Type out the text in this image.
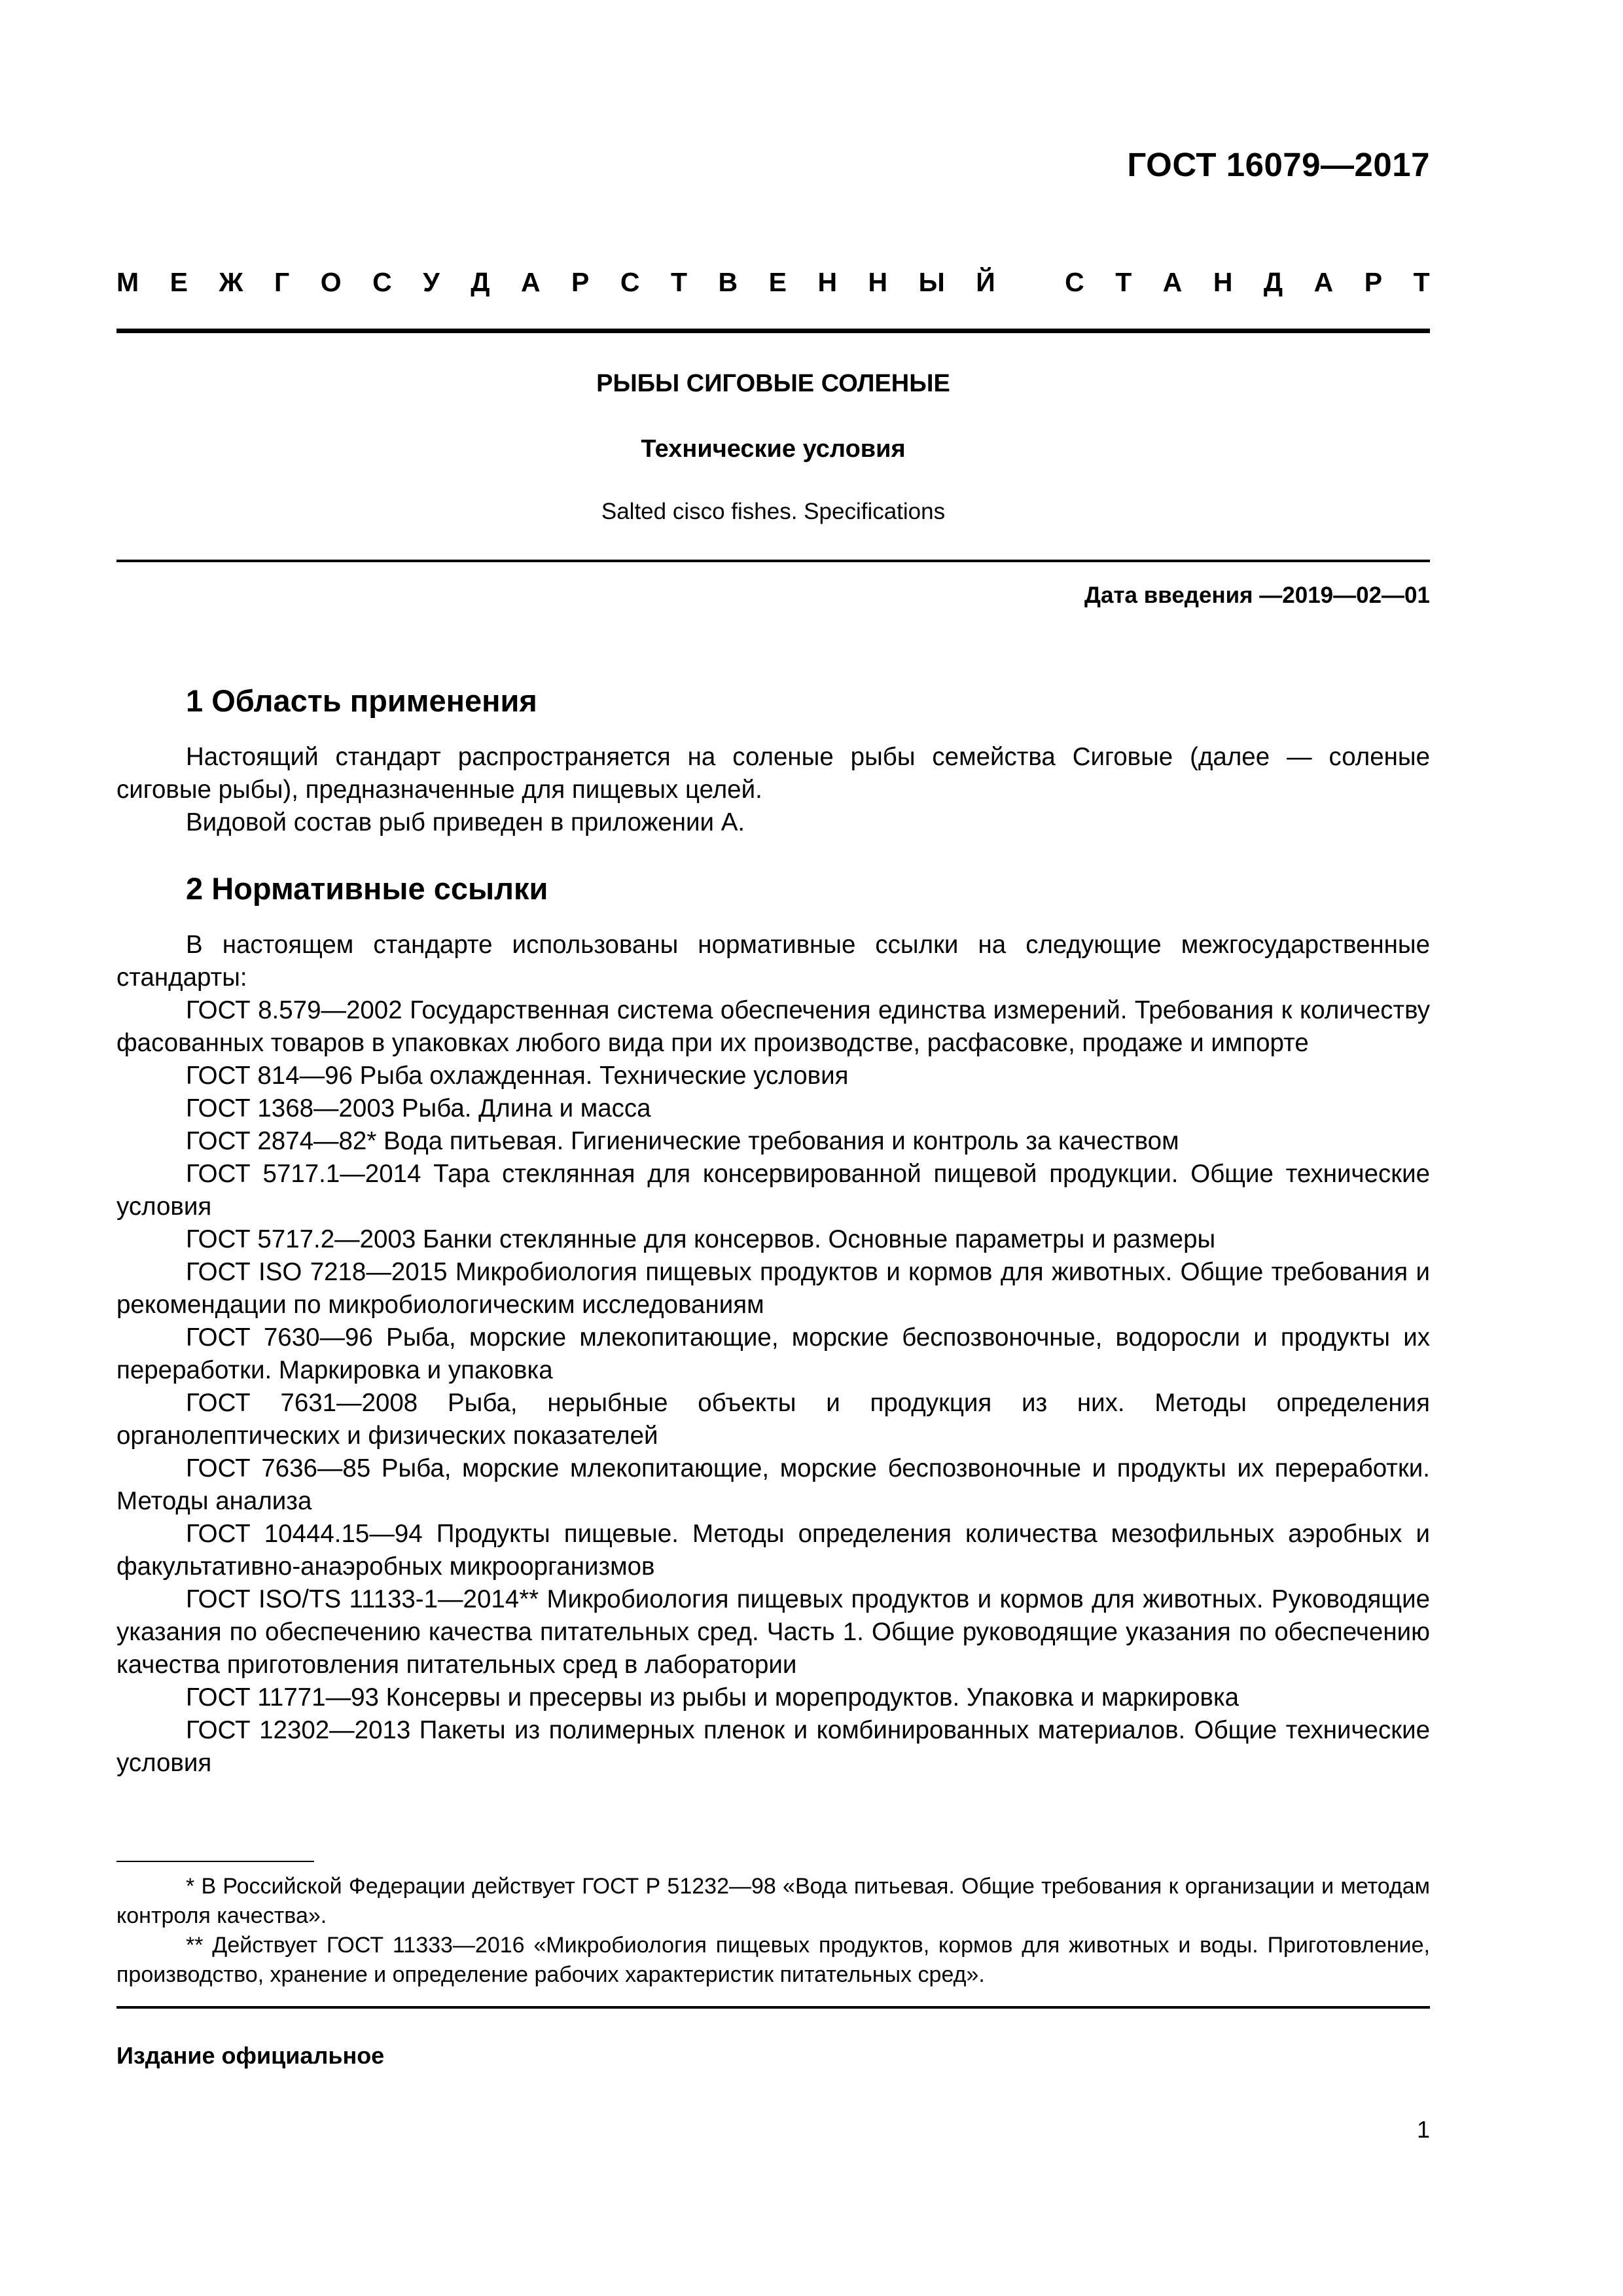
ГОСТ 16079—2017
М Е Ж Г О С У Д А Р С Т В Е Н Н Ы Й
	С Т А Н Д А Р Т
РЫБЫ СИГОВЫЕ СОЛЕНЫЕ
Технические условия
Salted cisco fishes. Specifications
Дата введения —2019—02—01
1 Область применения

Настоящий стандарт распространяется на соленые рыбы семейства Сиговые (далее — соленые сиговые рыбы), предназначенные для пищевых целей.

Видовой состав рыб приведен в приложении А.

2 Нормативные ссылки

В настоящем стандарте использованы нормативные ссылки на следующие межгосударственные стандарты:

ГОСТ 8.579—2002 Государственная система обеспечения единства измерений. Требования к количеству фасованных товаров в упаковках любого вида при их производстве, расфасовке, продаже и импорте

ГОСТ 814—96 Рыба охлажденная. Технические условия

ГОСТ 1368—2003 Рыба. Длина и масса

ГОСТ 2874—82* Вода питьевая. Гигиенические требования и контроль за качеством

ГОСТ 5717.1—2014 Тара стеклянная для консервированной пищевой продукции. Общие технические условия

ГОСТ 5717.2—2003 Банки стеклянные для консервов. Основные параметры и размеры

ГОСТ ISO 7218—2015 Микробиология пищевых продуктов и кормов для животных. Общие требования и рекомендации по микробиологическим исследованиям

ГОСТ 7630—96 Рыба, морские млекопитающие, морские беспозвоночные, водоросли и продукты их переработки. Маркировка и упаковка

ГОСТ 7631—2008 Рыба, нерыбные объекты и продукция из них. Методы определения органолептических и физических показателей

ГОСТ 7636—85 Рыба, морские млекопитающие, морские беспозвоночные и продукты их переработки. Методы анализа

ГОСТ 10444.15—94 Продукты пищевые. Методы определения количества мезофильных аэробных и факультативно-анаэробных микроорганизмов

ГОСТ ISO/TS 11133-1—2014** Микробиология пищевых продуктов и кормов для животных. Руководящие указания по обеспечению качества питательных сред. Часть 1. Общие руководящие указания по обеспечению качества приготовления питательных сред в лаборатории

ГОСТ 11771—93 Консервы и пресервы из рыбы и морепродуктов. Упаковка и маркировка

ГОСТ 12302—2013 Пакеты из полимерных пленок и комбинированных материалов. Общие технические условия

* В Российской Федерации действует ГОСТ Р 51232—98 «Вода питьевая. Общие требования к организации и методам контроля качества».

** Действует ГОСТ 11333—2016 «Микробиология пищевых продуктов, кормов для животных и воды. Приготовление, производство, хранение и определение рабочих характеристик питательных сред».

Издание официальное
1
